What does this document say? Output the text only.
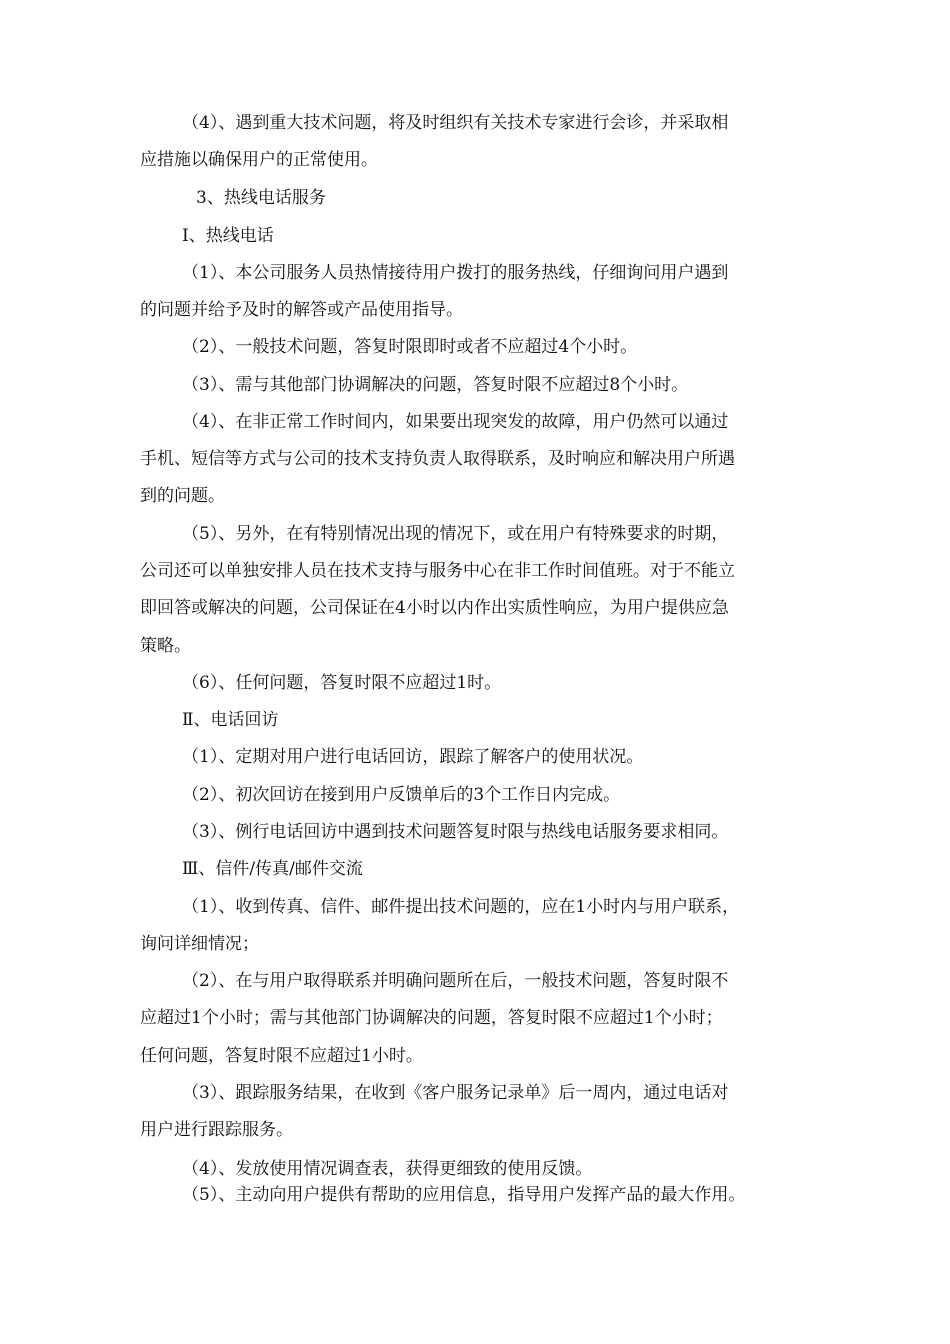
（4）、遇到重大技术问题，将及时组织有关技术专家进行会诊，并采取相
应措施以确保用户的正常使用。
3、热线电话服务
Ⅰ、热线电话
（1）、本公司服务人员热情接待用户拨打的服务热线，仔细询问用户遇到
的问题并给予及时的解答或产品使用指导。
（2）、一般技术问题，答复时限即时或者不应超过4个小时。
（3）、需与其他部门协调解决的问题，答复时限不应超过8个小时。
（4）、在非正常工作时间内，如果要出现突发的故障，用户仍然可以通过
手机、短信等方式与公司的技术支持负责人取得联系，及时响应和解决用户所遇
到的问题。
（5）、另外，在有特别情况出现的情况下，或在用户有特殊要求的时期，
公司还可以单独安排人员在技术支持与服务中心在非工作时间值班。对于不能立
即回答或解决的问题，公司保证在4小时以内作出实质性响应，为用户提供应急
策略。
（6）、任何问题，答复时限不应超过1时。
Ⅱ、电话回访
（1）、定期对用户进行电话回访，跟踪了解客户的使用状况。
（2）、初次回访在接到用户反馈单后的3个工作日内完成。
（3）、例行电话回访中遇到技术问题答复时限与热线电话服务要求相同。
Ⅲ、信件/传真/邮件交流
（1）、收到传真、信件、邮件提出技术问题的，应在1小时内与用户联系，
询问详细情况；
（2）、在与用户取得联系并明确问题所在后，一般技术问题，答复时限不
应超过1个小时；需与其他部门协调解决的问题，答复时限不应超过1个小时；
任何问题，答复时限不应超过1小时。
（3）、跟踪服务结果，在收到《客户服务记录单》后一周内，通过电话对
用户进行跟踪服务。
（4）、发放使用情况调查表，获得更细致的使用反馈。
（5）、主动向用户提供有帮助的应用信息，指导用户发挥产品的最大作用。
